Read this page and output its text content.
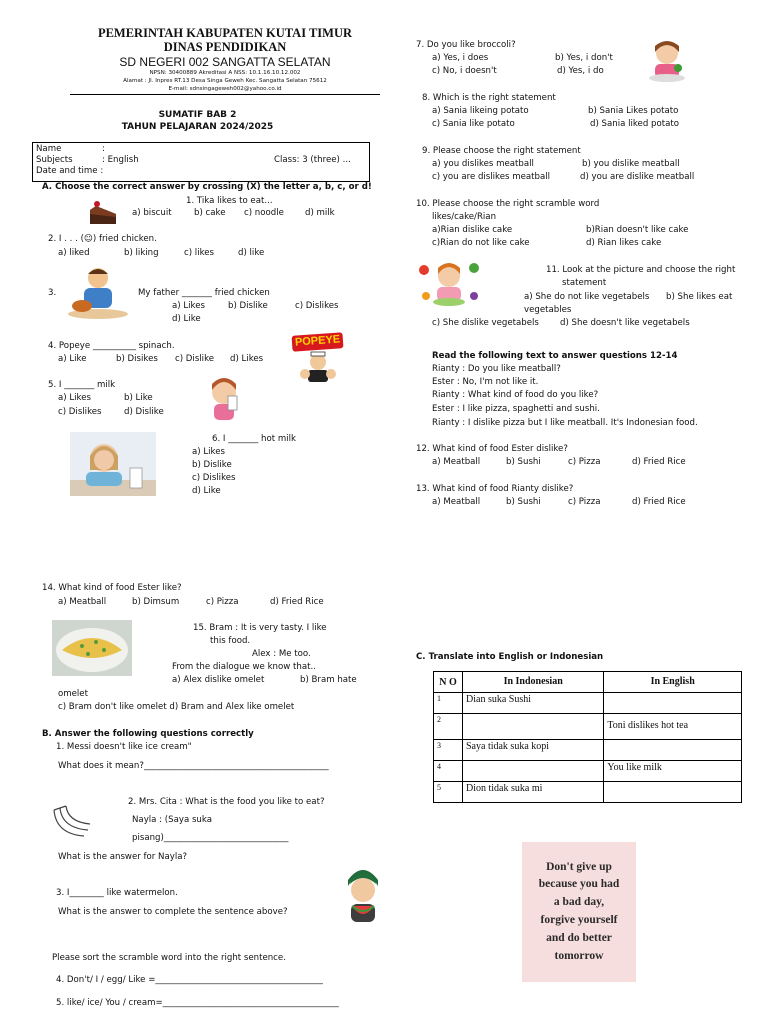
PEMERINTAH KABUPATEN KUTAI TIMUR
DINAS PENDIDIKAN
SD NEGERI 002 SANGATTA SELATAN
NPSN: 30400889 Akreditasi A NSS: 10.1.16.10.12.002
Alamat : Jl. Inpres RT.13 Desa Singa Geweh Kec. Sangatta Selatan 75612
E-mail: sdnsingageweh002@yahoo.co.id
SUMATIF BAB 2
TAHUN PELAJARAN 2024/2025
Name	:
Subjects	: English	Class: 3 (three) ...
Date and time :
A. Choose the correct answer by crossing (X) the letter a, b, c, or d!
1. Tika likes to eat...
a) biscuit	b) cake c) noodle d) milk
2. I . . . (☺) fried chicken.
a) liked	b) liking	c) likes	d) like
3.	My father _______ fried chicken
a) Likes	b) Dislike	c) Dislikes
d) Like
4. Popeye __________ spinach.
a) Like	b) Disikes c) Dislike d) Likes
POPEYE
5. I _______ milk
a) Likes	b) Like
c) Dislikes	d) Dislike
6. I _______ hot milk
a) Likes
b) Dislike
c) Dislikes
d) Like
7. Do you like broccoli?
a) Yes, i does	b) Yes, i don't
c) No, i doesn't	d) Yes, i do
8. Which is the right statement
a) Sania likeing potato	b) Sania Likes potato
c) Sania like potato	d) Sania liked potato
9. Please choose the right statement
a) you dislikes meatball	b) you dislike meatball
c) you are dislikes meatball	d) you are dislike meatball
10. Please choose the right scramble word
likes/cake/Rian
a)Rian dislike cake	b)Rian doesn't like cake
c)Rian do not like cake	d) Rian likes cake
11. Look at the picture and choose the right
statement
a) She do not like vegetabels b) She likes eat
vegetables
c) She dislike vegetabels d) She doesn't like vegetabels
Read the following text to answer questions 12-14
Rianty : Do you like meatball?
Ester : No, I'm not like it.
Rianty : What kind of food do you like?
Ester : I like pizza, spaghetti and sushi.
Rianty : I dislike pizza but I like meatball. It's Indonesian food.
12. What kind of food Ester dislike?
a) Meatball	b) Sushi	c) Pizza	d) Fried Rice
13. What kind of food Rianty dislike?
a) Meatball	b) Sushi	c) Pizza	d) Fried Rice
14. What kind of food Ester like?
a) Meatball	b) Dimsum	c) Pizza	d) Fried Rice
15. Bram : It is very tasty. I like
this food.
Alex : Me too.
From the dialogue we know that..
a) Alex dislike omelet	b) Bram hate
omelet
c) Bram don't like omelet d) Bram and Alex like omelet
B. Answer the following questions correctly
1. Messi doesn't like ice cream"
What does it mean?___________________________________________
2. Mrs. Cita : What is the food you like to eat?
Nayla : (Saya suka
pisang)_____________________________
What is the answer for Nayla?
3. I________ like watermelon.
What is the answer to complete the sentence above?
Please sort the scramble word into the right sentence.
4. Don't/ I / egg/ Like =_______________________________________
5. like/ ice/ You / cream=_________________________________________
C. Translate into English or Indonesian
N O	In Indonesian	In English
1	Dian suka Sushi	
2		Toni dislikes hot tea
3	Saya tidak suka kopi	
4		You like milk
5	Dion tidak suka mi	
Don't give up
because you had
a bad day,
forgive yourself
and do better
tomorrow
